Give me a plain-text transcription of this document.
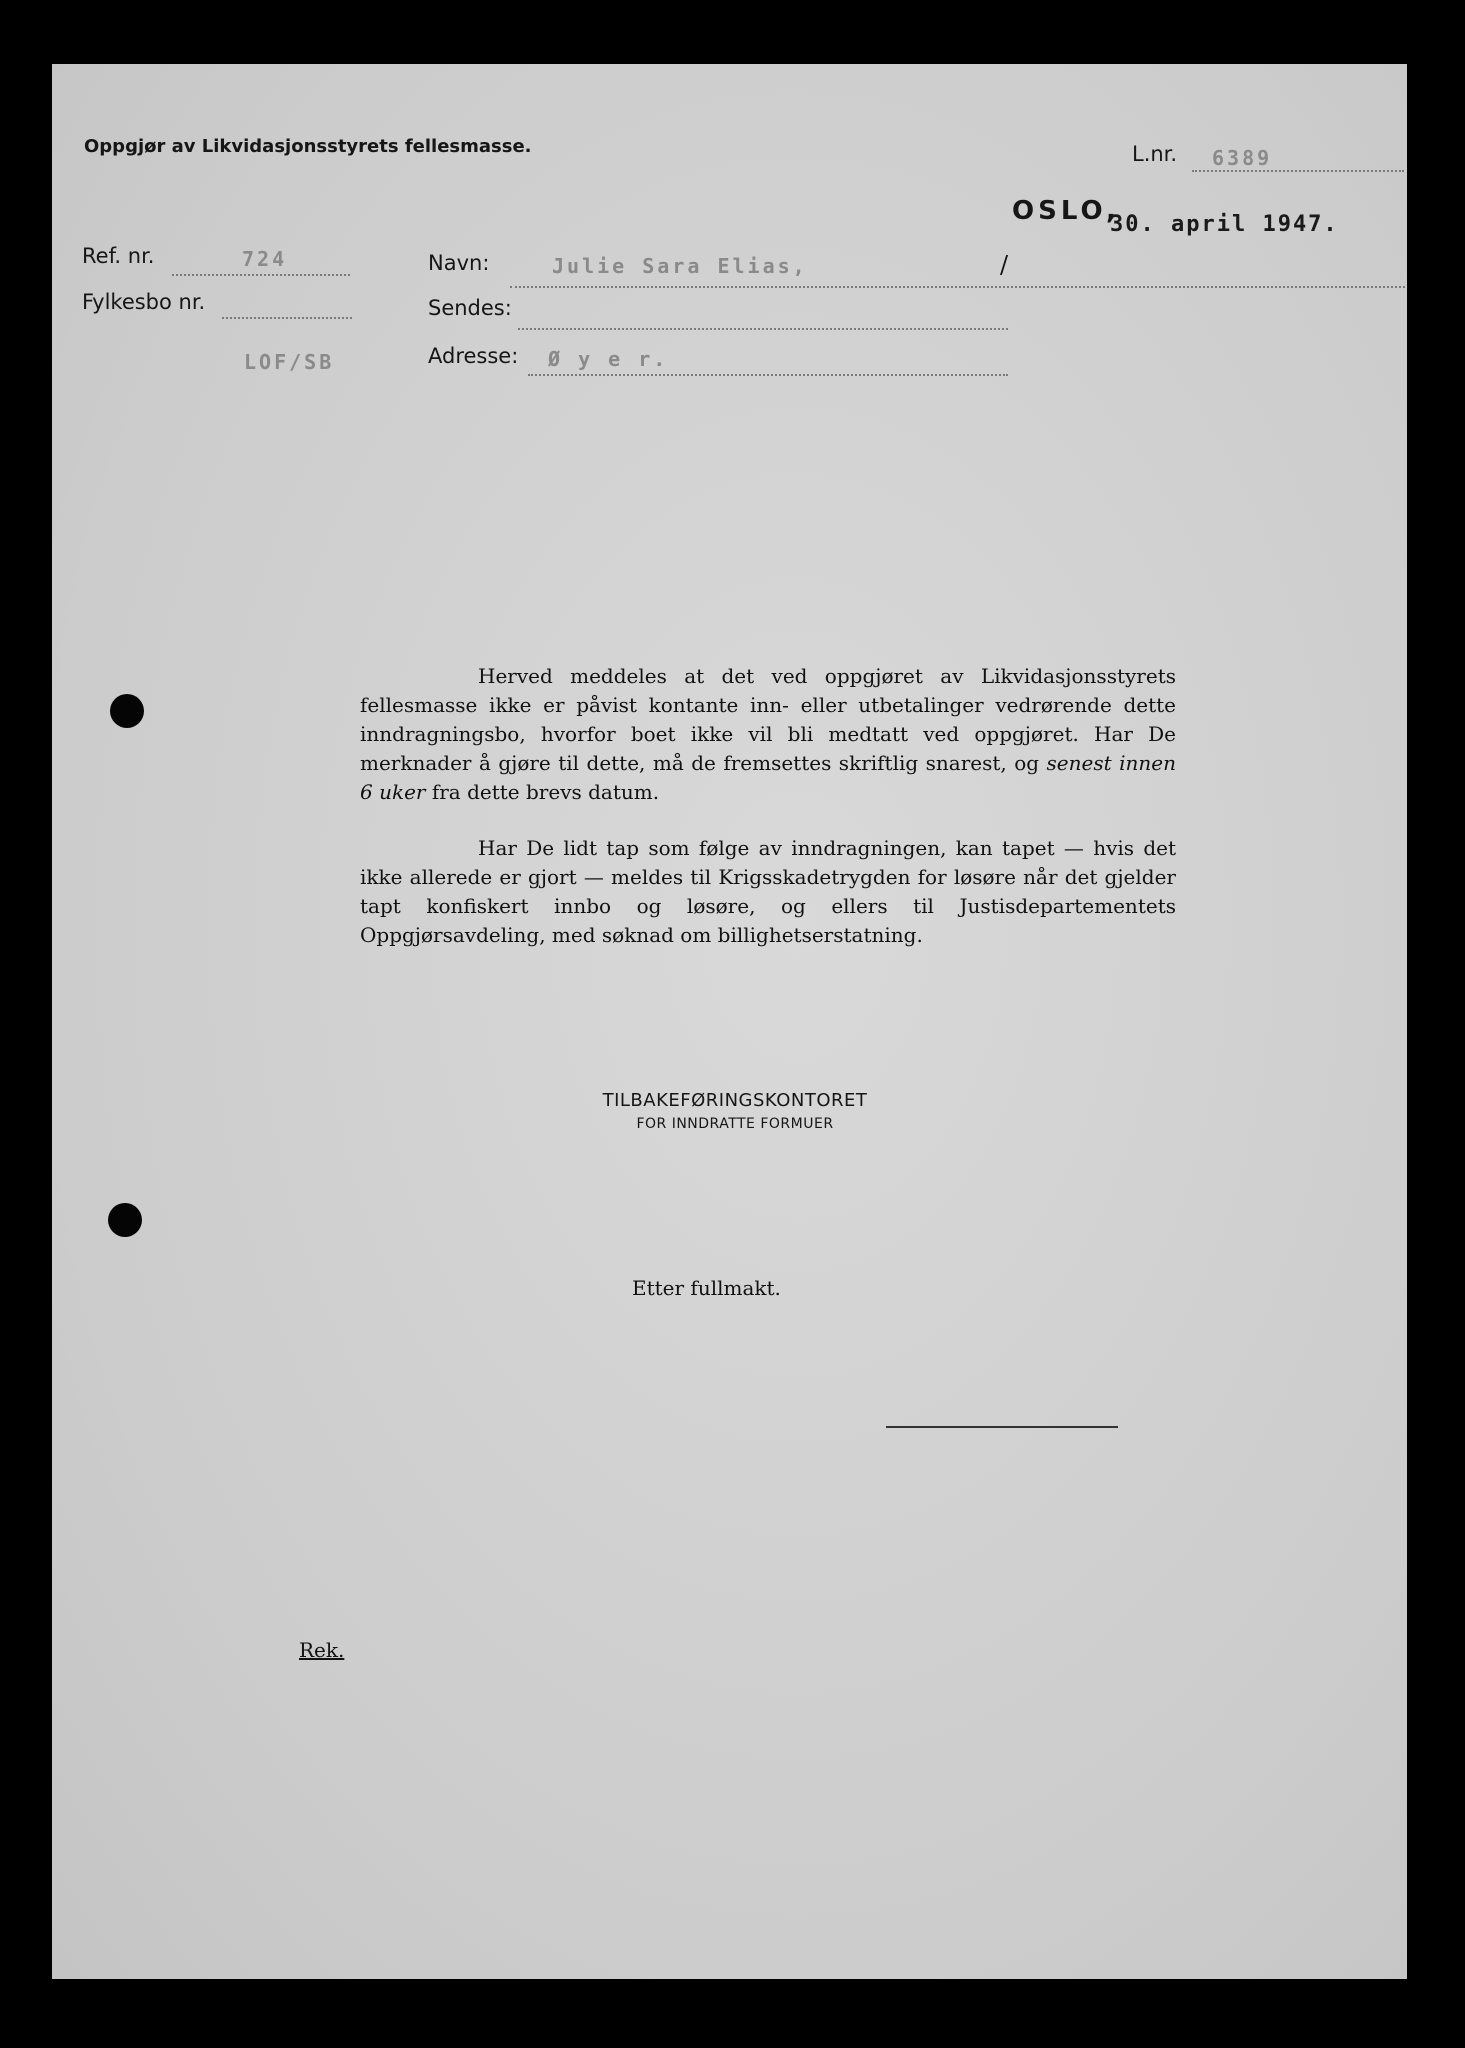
Oppgjør av Likvidasjonsstyrets fellesmasse.	L.nr. 6389
OSLO,
30. april 1947.
Ref. nr.	724
Fylkesbo nr.
LOF/SB
Navn:	Julie Sara Elias,	/
Sendes:
Adresse: Ø y e r.
Herved meddeles at det ved oppgjøret av Likvidasjonsstyrets fellesmasse ikke er påvist kontante inn- eller utbetalinger vedrørende dette inndragningsbo, hvorfor boet ikke vil bli medtatt ved oppgjøret. Har De merknader å gjøre til dette, må de fremsettes skriftlig snarest, og senest innen 6 uker fra dette brevs datum.
Har De lidt tap som følge av inndragningen, kan tapet — hvis det ikke allerede er gjort — meldes til Krigsskadetrygden for løsøre når det gjelder tapt konfiskert innbo og løsøre, og ellers til Justisdepartementets Oppgjørsavdeling, med søknad om billighetserstatning.
TILBAKEFØRINGSKONTORET
FOR INNDRATTE FORMUER
Etter fullmakt.
Rek.
